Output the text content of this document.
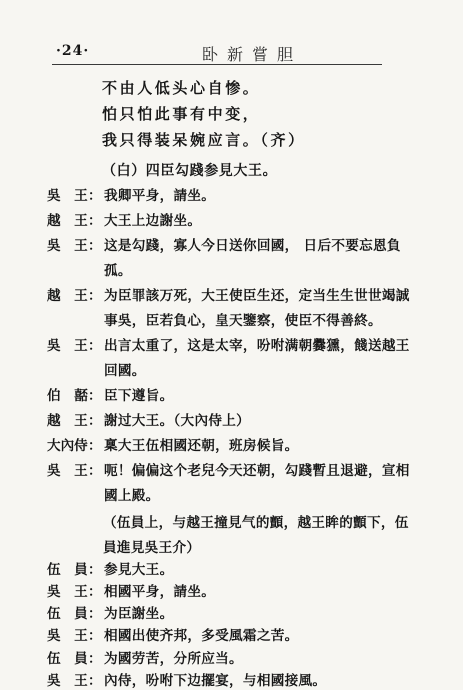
·24·	卧新嘗胆
不由人低头心自惨。
怕只怕此事有中变，
我只得装呆婉应言。（齐）
（白）四臣勾踐参見大王。
吳　王 ： 我卿平身，請坐。
越　王 ： 大王上边謝坐。
吳　王 ： 这是勾踐，寡人今日送你回國， 日后不要忘恩負
孤。
越　王 ： 为臣罪該万死，大王使臣生还，定当生生世世竭誠
事吳，臣若負心，皇天鑒察，使臣不得善終。
吳　王 ： 出言太重了，这是太宰，吩咐满朝爨獯，餞送越王
回國。
伯　嚭 ： 臣下遵旨。
越　王 ： 謝过大王。（大內侍上）
大內侍 ： 稟大王伍相國还朝，班房候旨。
吳　王 ： 呃！偏偏这个老兒今天还朝，勾踐暫且退避，宣相
國上殿。
（伍員上，与越王撞見气的顫，越王眸的顫下，伍
員進見吳王介）
伍　員 ： 参見大王。
吳　王 ： 相國平身，請坐。
伍　員 ： 为臣謝坐。
吳　王 ： 相國出使齐邦，多受風霜之苦。
伍　員 ： 为國劳苦，分所应当。
吳　王 ： 內侍，吩咐下边擺宴，与相國接風。
